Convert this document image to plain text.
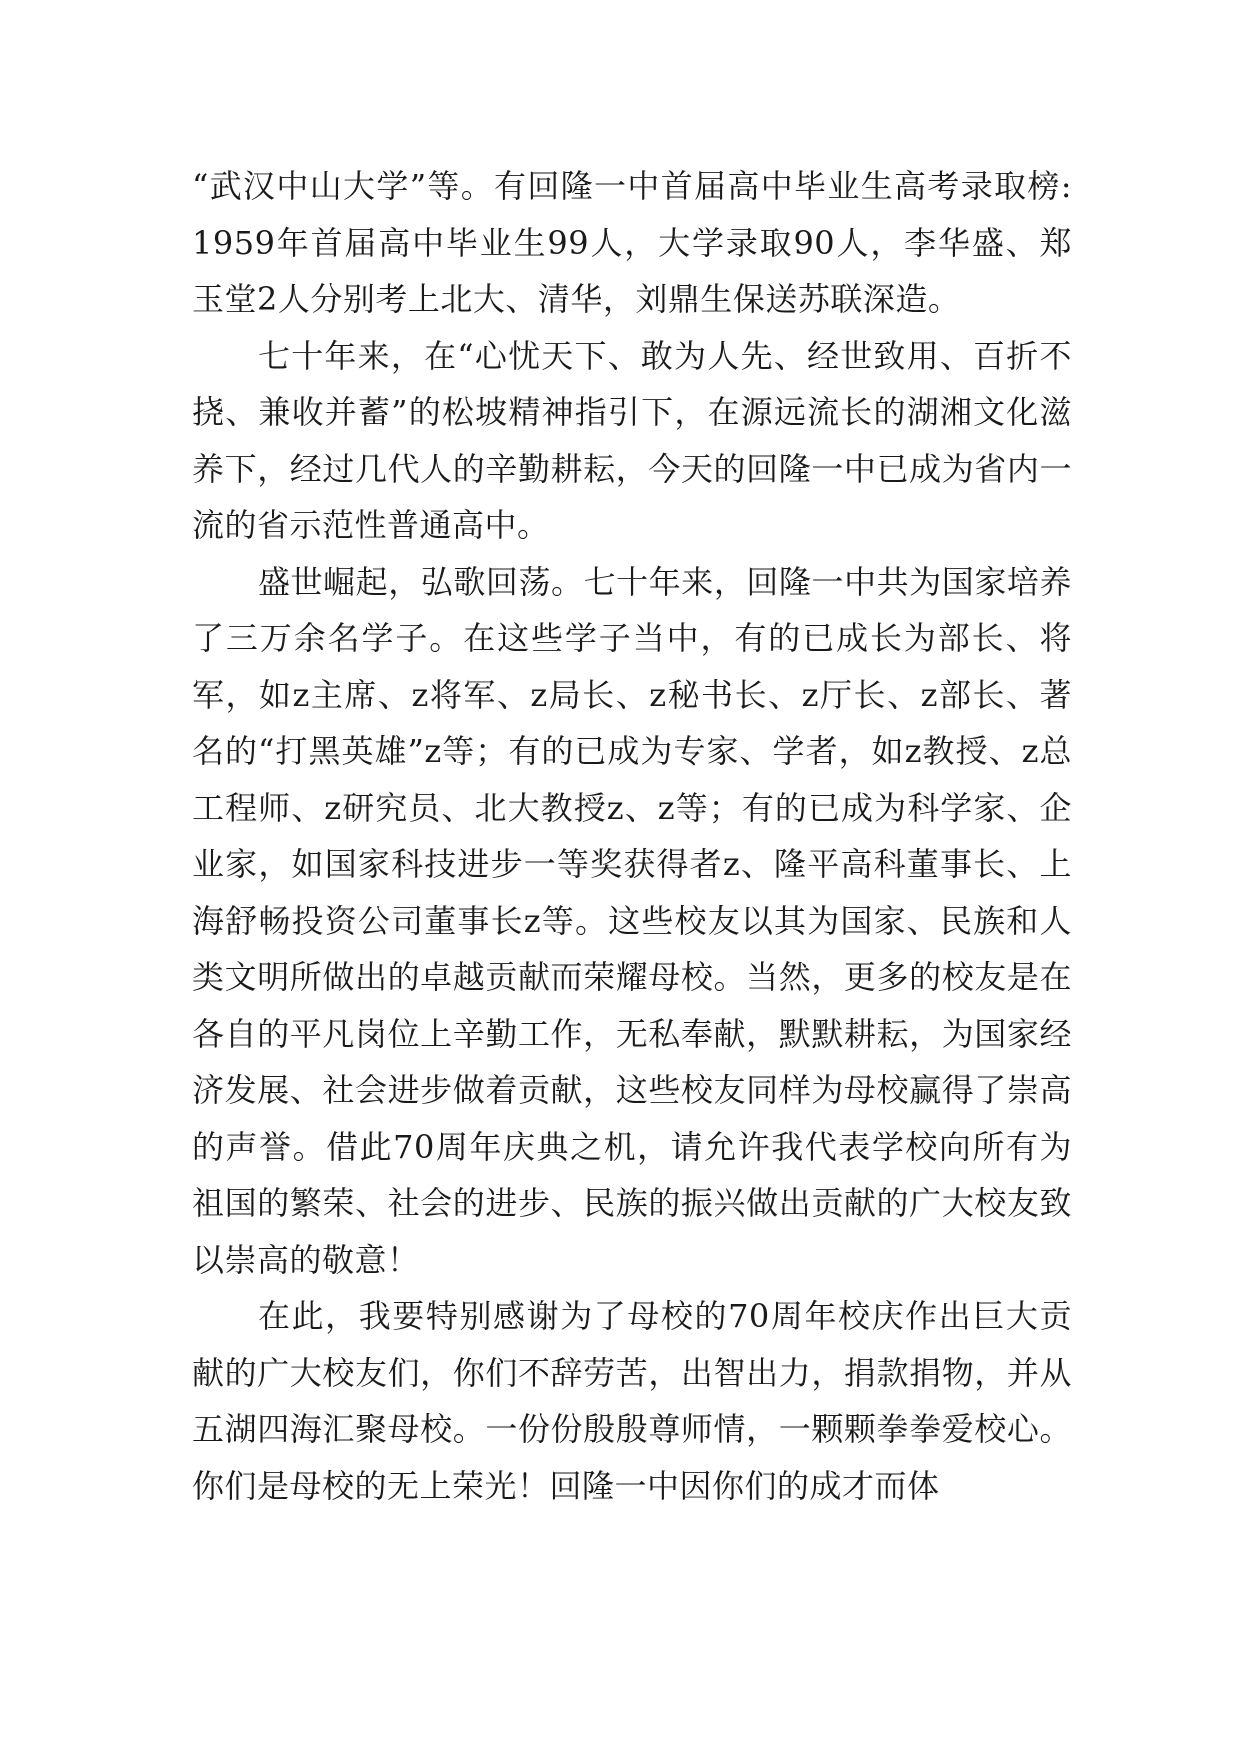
“武汉中山大学”等。有回隆一中首届高中毕业生高考录取榜: 1959年首届高中毕业生99人，大学录取90人，李华盛、郑玉堂2人分别考上北大、清华，刘鼎生保送苏联深造。

七十年来，在“心忧天下、敢为人先、经世致用、百折不挠、兼收并蓄”的松坡精神指引下，在源远流长的湖湘文化滋养下，经过几代人的辛勤耕耘，今天的回隆一中已成为省内一流的省示范性普通高中。

盛世崛起，弘歌回荡。七十年来，回隆一中共为国家培养了三万余名学子。在这些学子当中，有的已成长为部长、将军，如z主席、z将军、z局长、z秘书长、z厅长、z部长、著名的“打黑英雄”z等；有的已成为专家、学者，如z教授、z总工程师、z研究员、北大教授z、z等；有的已成为科学家、企业家，如国家科技进步一等奖获得者z、隆平高科董事长、上海舒畅投资公司董事长z等。这些校友以其为国家、民族和人类文明所做出的卓越贡献而荣耀母校。当然，更多的校友是在各自的平凡岗位上辛勤工作，无私奉献，默默耕耘，为国家经济发展、社会进步做着贡献，这些校友同样为母校赢得了崇高的声誉。借此70周年庆典之机，请允许我代表学校向所有为祖国的繁荣、社会的进步、民族的振兴做出贡献的广大校友致以崇高的敬意！

在此，我要特别感谢为了母校的70周年校庆作出巨大贡献的广大校友们，你们不辞劳苦，出智出力，捐款捐物，并从五湖四海汇聚母校。一份份殷殷尊师情，一颗颗拳拳爱校心。你们是母校的无上荣光！回隆一中因你们的成才而体
